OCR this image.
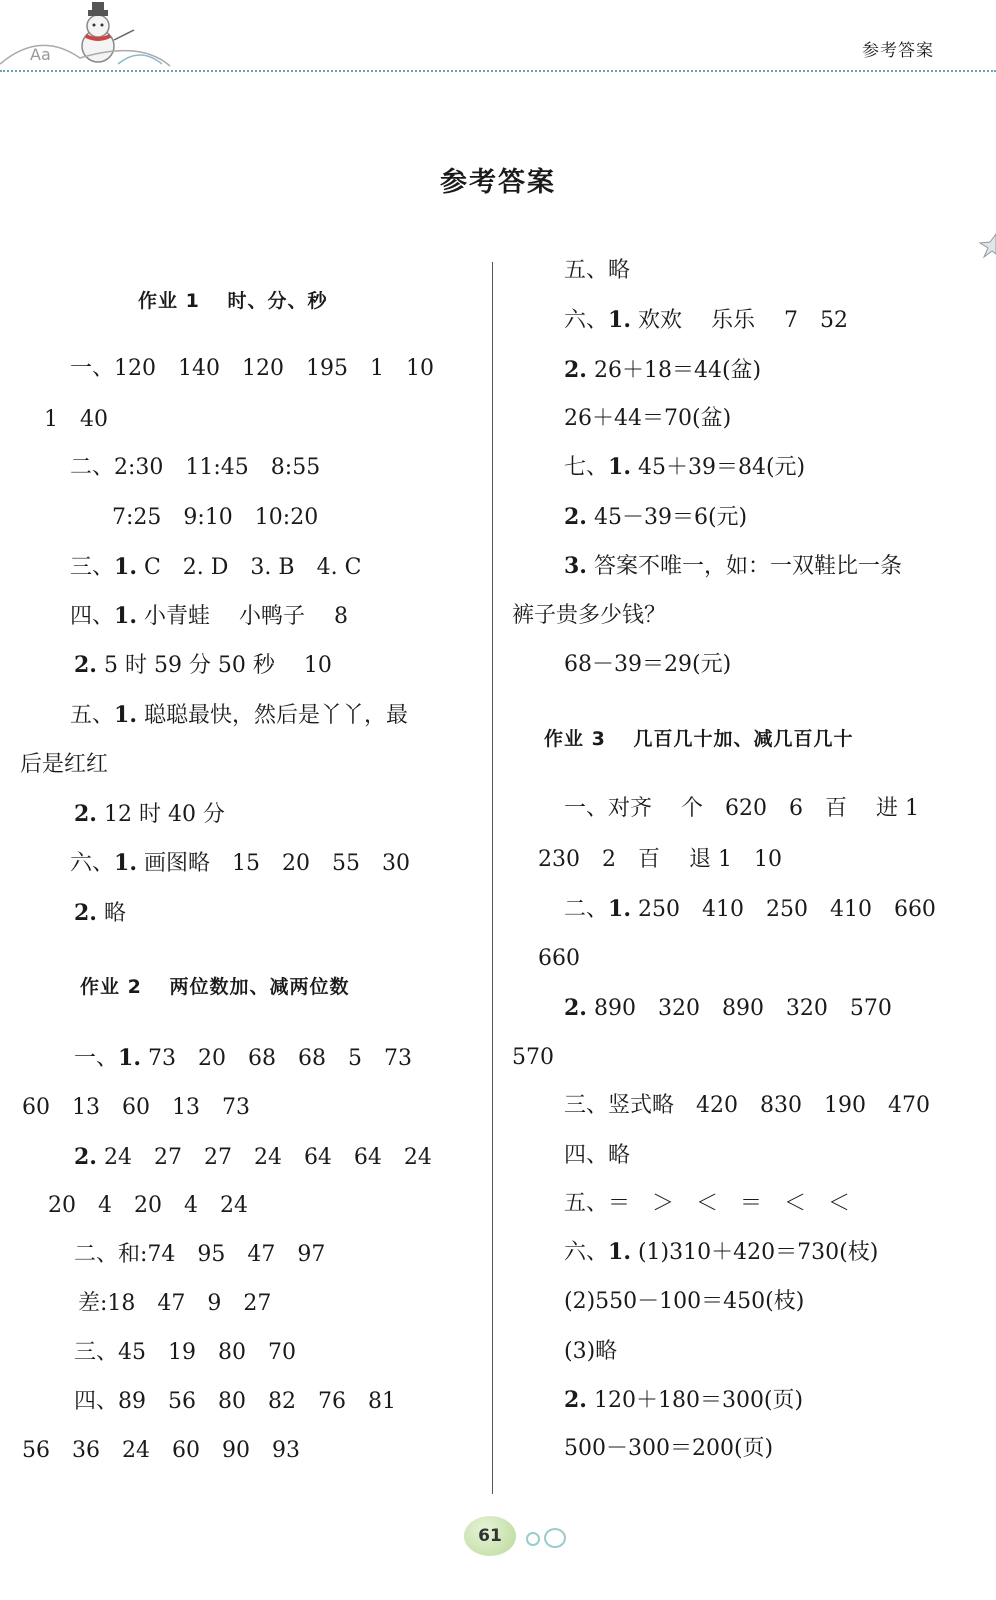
Aa	参考答案
参考答案
作业 1　 时、分、秒
一、120　140　120　195　1　10
1　40
二、2:30　11:45　8:55
7:25　9:10　10:20
三、1. C　2. D　3. B　4. C
四、1. 小青蛙　 小鸭子　 8
2. 5 时 59 分 50 秒　 10
五、1. 聪聪最快，然后是丫丫，最
后是红红
2. 12 时 40 分
六、1. 画图略　15　20　55　30
2. 略
作业 2　 两位数加、减两位数
一、1. 73　20　68　68　5　73
60　13　60　13　73
2. 24　27　27　24　64　64　24
20　4　20　4　24
二、和:74　95　47　97
差:18　47　9　27
三、45　19　80　70
四、89　56　80　82　76　81
56　36　24　60　90　93
五、略
六、1. 欢欢　 乐乐　 7　52
2. 26＋18＝44(盆)
26＋44＝70(盆)
七、1. 45＋39＝84(元)
2. 45－39＝6(元)
3. 答案不唯一，如：一双鞋比一条
裤子贵多少钱？
68－39＝29(元)
作业 3　 几百几十加、减几百几十
一、对齐　 个　620　6　百　 进 1
230　2　百　 退 1　10
二、1. 250　410　250　410　660
660
2. 890　320　890　320　570
570
三、竖式略　420　830　190　470
四、略
五、＝　＞　＜　＝　＜　＜
六、1. (1)310＋420＝730(枝)
(2)550－100＝450(枝)
(3)略
2. 120＋180＝300(页)
500－300＝200(页)
61
